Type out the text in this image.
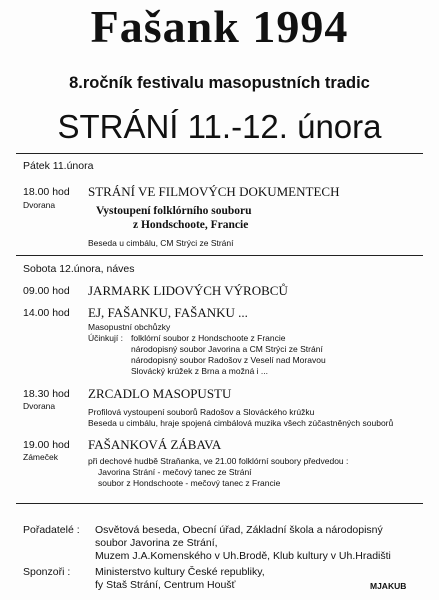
Fašank 1994
8.ročník festivalu masopustních tradic
STRÁNÍ 11.-12. února
Pátek 11.února
18.00 hod
Dvorana
STRÁNÍ VE FILMOVÝCH DOKUMENTECH
Vystoupení folklórního souboru
z Hondschoote, Francie
Beseda u cimbálu, CM Strýci ze Strání
Sobota 12.února, náves
09.00 hod JARMARK LIDOVÝCH VÝROBCŮ
14.00 hod EJ, FAŠANKU, FAŠANKU ...
Masopustní obchůzky
Účinkují : folklórní soubor z Hondschoote z Francie
národopisný soubor Javorina a CM Strýci ze Strání
národopisný soubor Radošov z Veselí nad Moravou
Slovácký krúžek z Brna a možná i ...
18.30 hod
Dvorana
ZRCADLO MASOPUSTU
Profilová vystoupení souborů Radošov a Slováckého krúžku
Beseda u cimbálu, hraje spojená cimbálová muzika všech zúčastněných souborů
19.00 hod
Zámeček
FAŠANKOVÁ ZÁBAVA
při dechové hudbě Straňanka, ve 21.00 folklórní soubory předvedou :
Javorina Strání - mečový tanec ze Strání
soubor z Hondschoote - mečový tanec z Francie
Pořadatelé : Osvětová beseda, Obecní úřad, Základní škola a národopisný
soubor Javorina ze Strání,
Muzem J.A.Komenského v Uh.Brodě, Klub kultury v Uh.Hradišti
Sponzoři : Ministerstvo kultury České republiky,
fy Staš Strání, Centrum Houšť	MJAKUB
